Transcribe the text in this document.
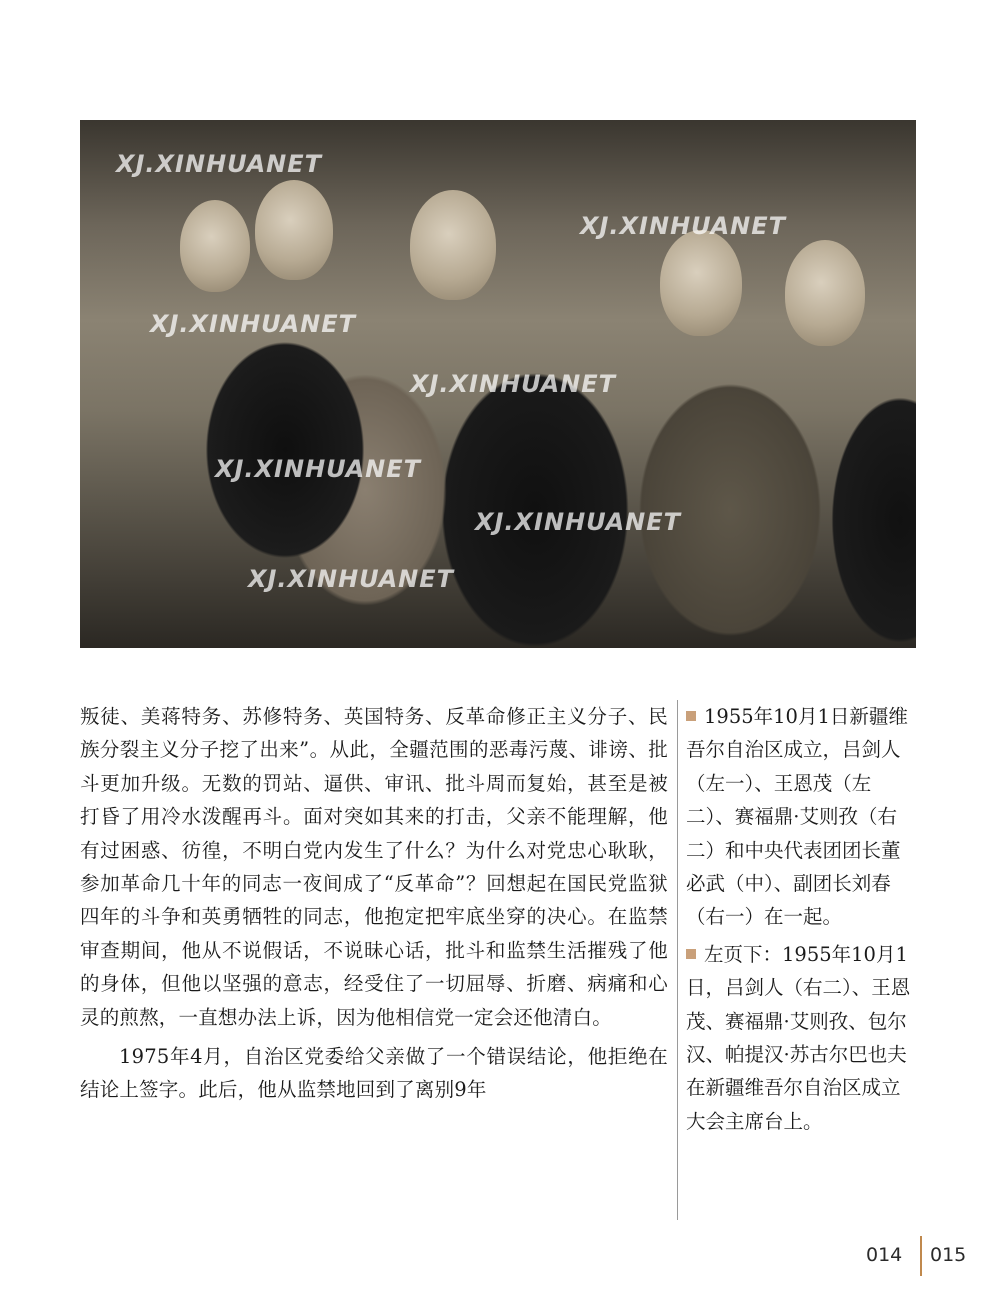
XJ.XINHUANET
XJ.XINHUANET
XJ.XINHUANET
XJ.XINHUANET
XJ.XINHUANET
XJ.XINHUANET
XJ.XINHUANET

叛徒、美蒋特务、苏修特务、英国特务、反革命修正主义分子、民族分裂主义分子挖了出来”。从此，全疆范围的恶毒污蔑、诽谤、批斗更加升级。无数的罚站、逼供、审讯、批斗周而复始，甚至是被打昏了用冷水泼醒再斗。面对突如其来的打击，父亲不能理解，他有过困惑、彷徨，不明白党内发生了什么？为什么对党忠心耿耿，参加革命几十年的同志一夜间成了“反革命”？回想起在国民党监狱四年的斗争和英勇牺牲的同志，他抱定把牢底坐穿的决心。在监禁审查期间，他从不说假话，不说昧心话，批斗和监禁生活摧残了他的身体，但他以坚强的意志，经受住了一切屈辱、折磨、病痛和心灵的煎熬，一直想办法上诉，因为他相信党一定会还他清白。

1975年4月，自治区党委给父亲做了一个错误结论，他拒绝在结论上签字。此后，他从监禁地回到了离别9年

1955年10月1日新疆维吾尔自治区成立，吕剑人（左一）、王恩茂（左二）、赛福鼎·艾则孜（右二）和中央代表团团长董必武（中）、副团长刘春（右一）在一起。

左页下：1955年10月1日，吕剑人（右二）、王恩茂、赛福鼎·艾则孜、包尔汉、帕提汉·苏古尔巴也夫在新疆维吾尔自治区成立大会主席台上。

014 015
